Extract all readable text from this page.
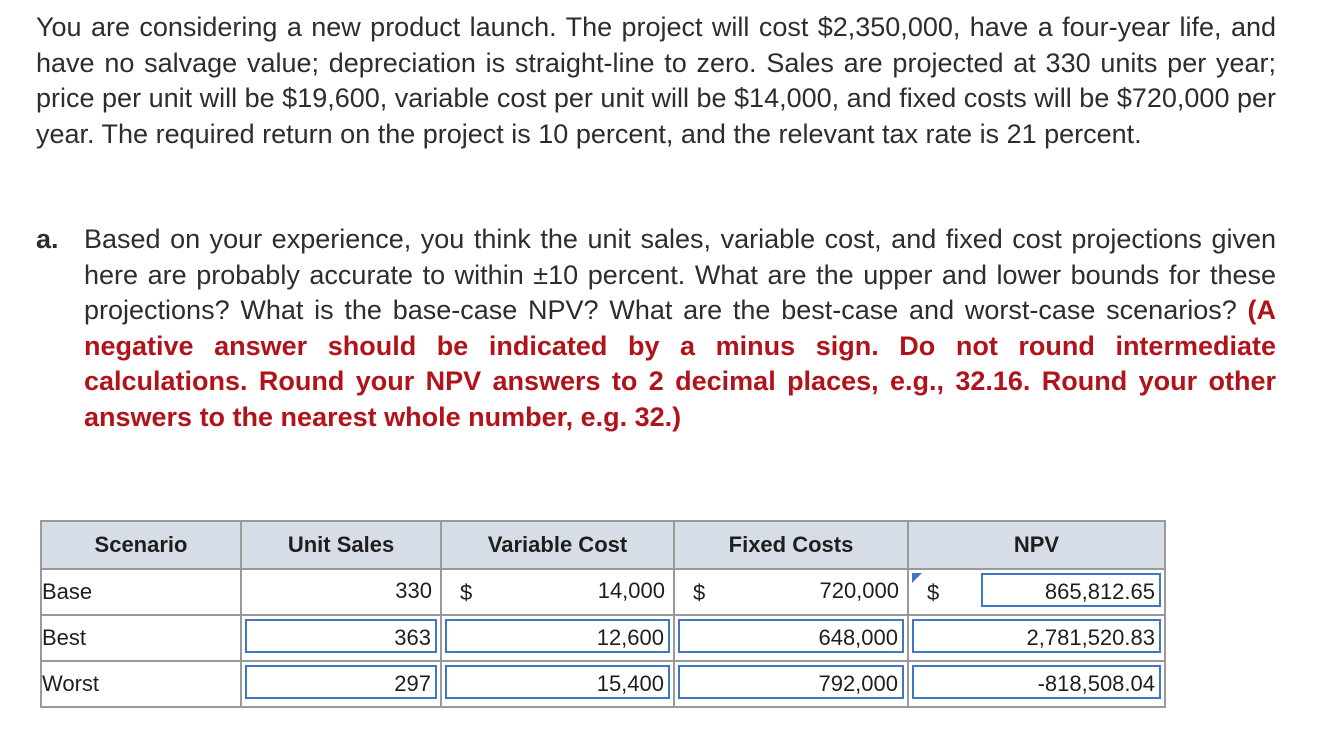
You are considering a new product launch. The project will cost $2,350,000, have a four-year life, and have no salvage value; depreciation is straight-line to zero. Sales are projected at 330 units per year; price per unit will be $19,600, variable cost per unit will be $14,000, and fixed costs will be $720,000 per year. The required return on the project is 10 percent, and the relevant tax rate is 21 percent.

a. Based on your experience, you think the unit sales, variable cost, and fixed cost projections given here are probably accurate to within ±10 percent. What are the upper and lower bounds for these projections? What is the base-case NPV? What are the best-case and worst-case scenarios? (A negative answer should be indicated by a minus sign. Do not round intermediate calculations. Round your NPV answers to 2 decimal places, e.g., 32.16. Round your other answers to the nearest whole number, e.g. 32.)
Scenario	Unit Sales	Variable Cost	Fixed Costs	NPV
Base	330	$ 14,000	$ 720,000	$ 865,812.65

Best	363	12,600	648,000	2,781,520.83

Worst	297	15,400	792,000	-818,508.04
